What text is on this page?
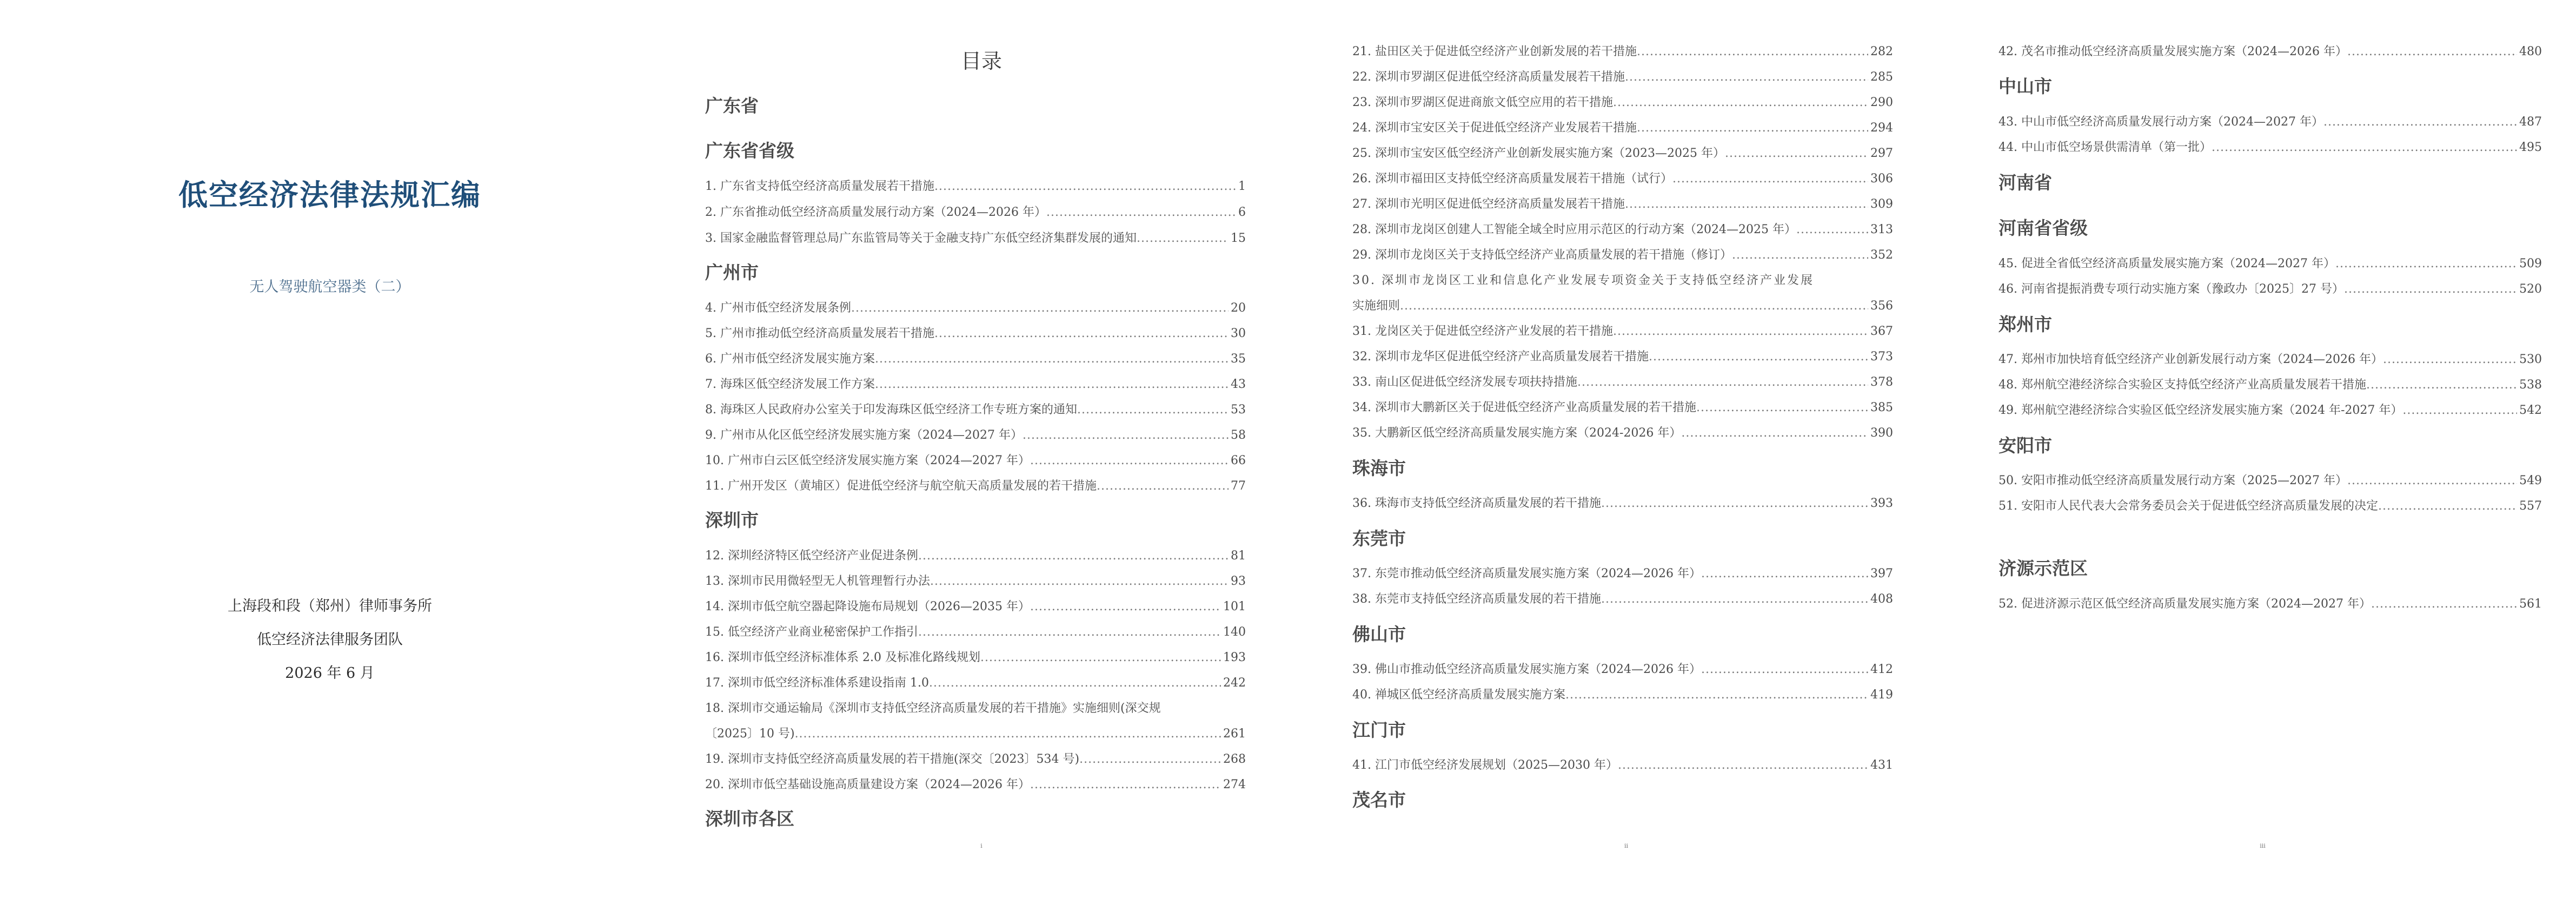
低空经济法律法规汇编
无人驾驶航空器类（二）
上海段和段（郑州）律师事务所
低空经济法律服务团队
2026 年 6 月
目录
广东省
广东省省级
1. 广东省支持低空经济高质量发展若干措施 .....	1
2. 广东省推动低空经济高质量发展行动方案（2024—2026 年） .....	6
3. 国家金融监督管理总局广东监管局等关于金融支持广东低空经济集群发展的通知 .....	15
广州市
4. 广州市低空经济发展条例 .....	20
5. 广州市推动低空经济高质量发展若干措施 .....	30
6. 广州市低空经济发展实施方案 .....	35
7. 海珠区低空经济发展工作方案 .....	43
8. 海珠区人民政府办公室关于印发海珠区低空经济工作专班方案的通知 .....	53
9. 广州市从化区低空经济发展实施方案（2024—2027 年） .....	58
10. 广州市白云区低空经济发展实施方案（2024—2027 年） .....	66
11. 广州开发区（黄埔区）促进低空经济与航空航天高质量发展的若干措施 .....	77
深圳市
12. 深圳经济特区低空经济产业促进条例 .....	81
13. 深圳市民用微轻型无人机管理暂行办法 .....	93
14. 深圳市低空航空器起降设施布局规划（2026—2035 年） .....	101
15. 低空经济产业商业秘密保护工作指引 .....	140
16. 深圳市低空经济标准体系 2.0 及标准化路线规划 .....	193
17. 深圳市低空经济标准体系建设指南 1.0 .....	242
18. 深圳市交通运输局《深圳市支持低空经济高质量发展的若干措施》实施细则(深交规
〔2025〕10 号) .....	261
19. 深圳市支持低空经济高质量发展的若干措施(深交〔2023〕534 号) .....	268
20. 深圳市低空基础设施高质量建设方案（2024—2026 年） .....	274
深圳市各区
i
21. 盐田区关于促进低空经济产业创新发展的若干措施 .....	282
22. 深圳市罗湖区促进低空经济高质量发展若干措施 .....	285
23. 深圳市罗湖区促进商旅文低空应用的若干措施 .....	290
24. 深圳市宝安区关于促进低空经济产业发展若干措施 .....	294
25. 深圳市宝安区低空经济产业创新发展实施方案（2023—2025 年） .....	297
26. 深圳市福田区支持低空经济高质量发展若干措施（试行） .....	306
27. 深圳市光明区促进低空经济高质量发展若干措施 .....	309
28. 深圳市龙岗区创建人工智能全域全时应用示范区的行动方案（2024—2025 年） .....	313
29. 深圳市龙岗区关于支持低空经济产业高质量发展的若干措施（修订） .....	352
30. 深圳市龙岗区工业和信息化产业发展专项资金关于支持低空经济产业发展
实施细则 .....	356
31. 龙岗区关于促进低空经济产业发展的若干措施 .....	367
32. 深圳市龙华区促进低空经济产业高质量发展若干措施 .....	373
33. 南山区促进低空经济发展专项扶持措施 .....	378
34. 深圳市大鹏新区关于促进低空经济产业高质量发展的若干措施 .....	385
35. 大鹏新区低空经济高质量发展实施方案（2024-2026 年） .....	390
珠海市
36. 珠海市支持低空经济高质量发展的若干措施 .....	393
东莞市
37. 东莞市推动低空经济高质量发展实施方案（2024—2026 年） .....	397
38. 东莞市支持低空经济高质量发展的若干措施 .....	408
佛山市
39. 佛山市推动低空经济高质量发展实施方案（2024—2026 年） .....	412
40. 禅城区低空经济高质量发展实施方案 .....	419
江门市
41. 江门市低空经济发展规划（2025—2030 年） .....	431
茂名市
ii
42. 茂名市推动低空经济高质量发展实施方案（2024—2026 年） .....	480
中山市
43. 中山市低空经济高质量发展行动方案（2024—2027 年） .....	487
44. 中山市低空场景供需清单（第一批） .....	495
河南省
河南省省级
45. 促进全省低空经济高质量发展实施方案（2024—2027 年） .....	509
46. 河南省提振消费专项行动实施方案（豫政办〔2025〕27 号） .....	520
郑州市
47. 郑州市加快培育低空经济产业创新发展行动方案（2024—2026 年） .....	530
48. 郑州航空港经济综合实验区支持低空经济产业高质量发展若干措施 .....	538
49. 郑州航空港经济综合实验区低空经济发展实施方案（2024 年-2027 年） .....	542
安阳市
50. 安阳市推动低空经济高质量发展行动方案（2025—2027 年） .....	549
51. 安阳市人民代表大会常务委员会关于促进低空经济高质量发展的决定 .....	557
济源示范区
52. 促进济源示范区低空经济高质量发展实施方案（2024—2027 年） .....	561
iii
